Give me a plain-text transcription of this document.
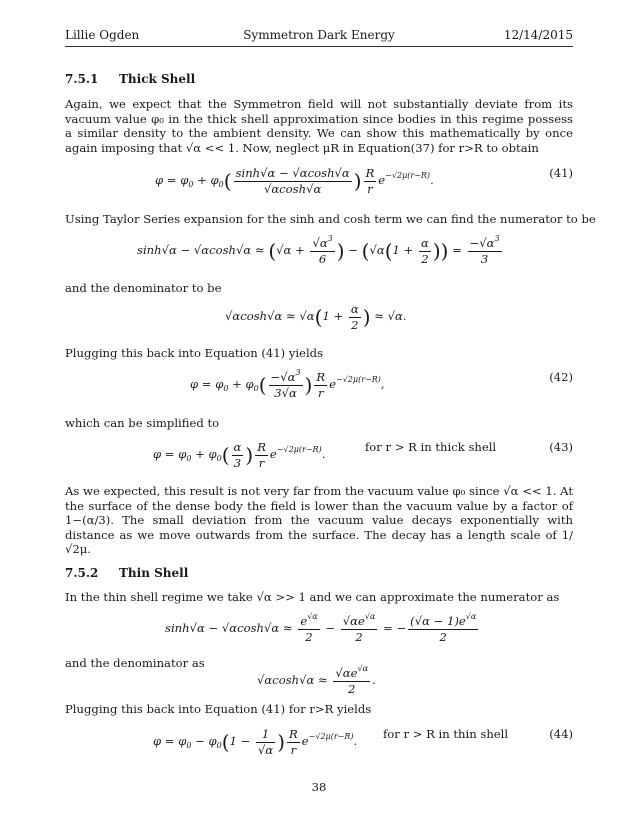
Lillie Ogden	Symmetron Dark Energy	12/14/2015
7.5.1 Thick Shell
Again, we expect that the Symmetron field will not substantially deviate from its vacuum value φ₀ in the thick shell approximation since bodies in this regime possess a similar density to the ambient density. We can show this mathematically by once again imposing that √α << 1. Now, neglect μR in Equation(37) for r>R to obtain
$\varphi = \varphi_0 + \varphi_0( \frac{\sinh√\alpha - √\alpha\cosh√\alpha}{√\alpha\cosh√\alpha}$ ) $\frac{R}{r} e^{-√2\mu(r-R)}$.
(41)
Using Taylor Series expansion for the sinh and cosh term we can find the numerator to be
$\sinh√\alpha - √\alpha\cosh√\alpha \approx (√\alpha + \frac{√\alpha^3}{6}$ ) − ($√\alpha(1 + \frac{\alpha}{2}$ )) = $\frac{-√\alpha^3}{3}$
and the denominator to be
$√\alpha\cosh√\alpha \approx √\alpha(1 + \frac{\alpha}{2}$ ) ≈ √α.
Plugging this back into Equation (41) yields
$\varphi = \varphi_0 + \varphi_0( \frac{-√\alpha^3}{3√\alpha}$ ) $\frac{R}{r} e^{-√2\mu(r-R)}$,
(42)
which can be simplified to
$\varphi = \varphi_0 + \varphi_0( \frac{\alpha}{3}$ ) $\frac{R}{r} e^{-√2\mu(r-R)}$.
for r > R in thick shell	(43)
As we expected, this result is not very far from the vacuum value φ₀ since √α << 1. At the surface of the dense body the field is lower than the vacuum value by a factor of 1−(α/3). The small deviation from the vacuum value decays exponentially with distance as we move outwards from the surface. The decay has a length scale of 1/√2μ.
7.5.2 Thin Shell
In the thin shell regime we take √α >> 1 and we can approximate the numerator as
$\sinh√\alpha - √\alpha\cosh√\alpha \approx \frac{e^{√\alpha}}{2} - \frac{√\alpha e^{√\alpha}}{2}$ = − $\frac{(√\alpha - 1)e^{√\alpha}}{2}$
and the denominator as
$√\alpha\cosh√\alpha \approx \frac{√\alpha e^{√\alpha}}{2}$ .
Plugging this back into Equation (41) for r>R yields
$\varphi = \varphi_0 - \varphi_0(1 - \frac{1}{√\alpha}$ ) $\frac{R}{r} e^{-√2\mu(r-R)}$.
for r > R in thin shell	(44)
38
